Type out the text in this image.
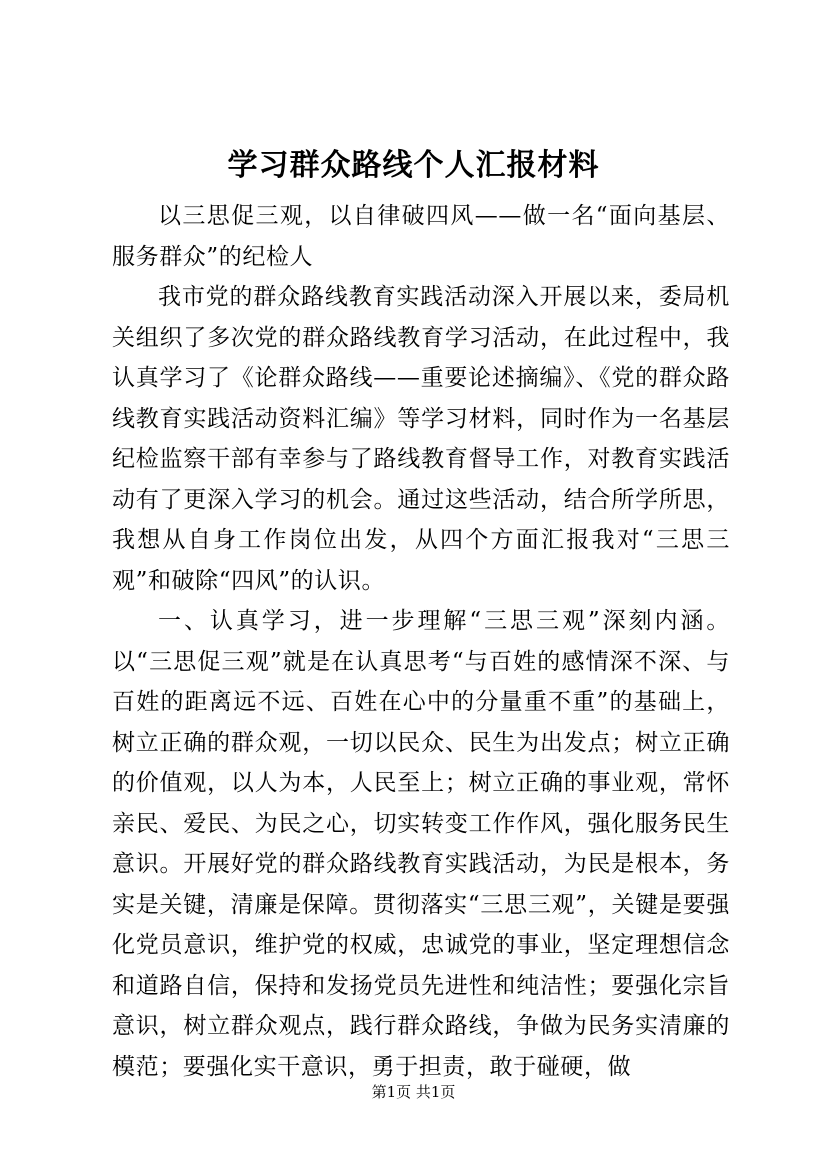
学习群众路线个人汇报材料

以三思促三观，以自律破四风——做一名“面向基层、服务群众”的纪检人

我市党的群众路线教育实践活动深入开展以来，委局机关组织了多次党的群众路线教育学习活动，在此过程中，我认真学习了《论群众路线——重要论述摘编》、《党的群众路线教育实践活动资料汇编》等学习材料，同时作为一名基层纪检监察干部有幸参与了路线教育督导工作，对教育实践活动有了更深入学习的机会。通过这些活动，结合所学所思，我想从自身工作岗位出发，从四个方面汇报我对“三思三观”和破除“四风”的认识。

一、认真学习，进一步理解“三思三观”深刻内涵。以“三思促三观”就是在认真思考“与百姓的感情深不深、与百姓的距离远不远、百姓在心中的分量重不重”的基础上，树立正确的群众观，一切以民众、民生为出发点；树立正确的价值观，以人为本，人民至上；树立正确的事业观，常怀亲民、爱民、为民之心，切实转变工作作风，强化服务民生意识。开展好党的群众路线教育实践活动，为民是根本，务实是关键，清廉是保障。贯彻落实“三思三观”，关键是要强化党员意识，维护党的权威，忠诚党的事业，坚定理想信念和道路自信，保持和发扬党员先进性和纯洁性；要强化宗旨意识，树立群众观点，践行群众路线，争做为民务实清廉的模范；要强化实干意识，勇于担责，敢于碰硬，做

第1页 共1页
